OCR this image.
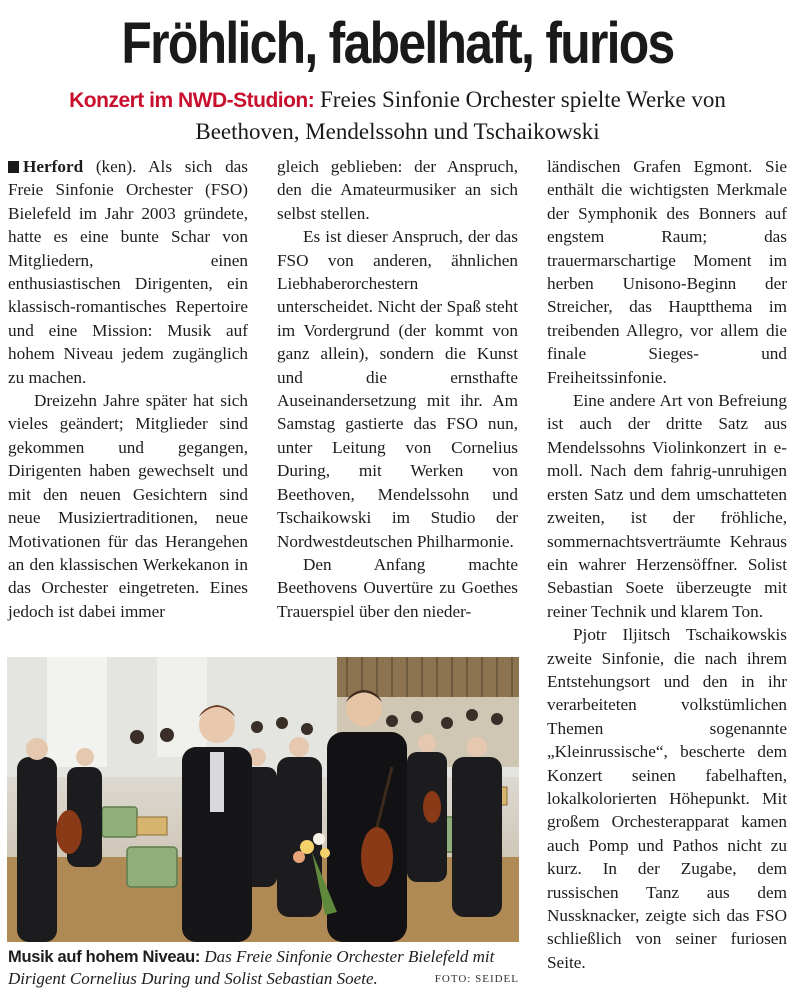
Fröhlich, fabelhaft, furios
Konzert im NWD-Studion: Freies Sinfonie Orchester spielte Werke von
Beethoven, Mendelssohn und Tschaikowski

Herford (ken). Als sich das Freie Sinfonie Orchester (FSO) Bielefeld im Jahr 2003 gründete, hatte es eine bunte Schar von Mitgliedern, einen enthusiastischen Dirigenten, ein klassisch-romantisches Repertoire und eine Mission: Musik auf hohem Niveau jedem zugänglich zu machen.

Dreizehn Jahre später hat sich vieles geändert; Mitglieder sind gekommen und gegangen, Dirigenten haben gewechselt und mit den neuen Gesichtern sind neue Musiziertraditionen, neue Motivationen für das Herangehen an den klassischen Werkekanon in das Orchester eingetreten. Eines jedoch ist dabei immer

gleich geblieben: der Anspruch, den die Amateurmusiker an sich selbst stellen.

Es ist dieser Anspruch, der das FSO von anderen, ähnlichen Liebhaberorchestern unterscheidet. Nicht der Spaß steht im Vordergrund (der kommt von ganz allein), sondern die Kunst und die ernsthafte Auseinandersetzung mit ihr. Am Samstag gastierte das FSO nun, unter Leitung von Cornelius During, mit Werken von Beethoven, Mendelssohn und Tschaikowski im Studio der Nordwestdeutschen Philharmonie.

Den Anfang machte Beethovens Ouvertüre zu Goethes Trauerspiel über den nieder-

ländischen Grafen Egmont. Sie enthält die wichtigsten Merkmale der Symphonik des Bonners auf engstem Raum; das trauermarschartige Moment im herben Unisono-Beginn der Streicher, das Hauptthema im treibenden Allegro, vor allem die finale Sieges- und Freiheitssinfonie.

Eine andere Art von Befreiung ist auch der dritte Satz aus Mendelssohns Violinkonzert in e-moll. Nach dem fahrig-unruhigen ersten Satz und dem umschatteten zweiten, ist der fröhliche, sommernachtsverträumte Kehraus ein wahrer Herzensöffner. Solist Sebastian Soete überzeugte mit reiner Technik und klarem Ton.

Pjotr Iljitsch Tschaikowskis zweite Sinfonie, die nach ihrem Entstehungsort und den in ihr verarbeiteten volkstümlichen Themen sogenannte „Kleinrussische“, bescherte dem Konzert seinen fabelhaften, lokalkolorierten Höhepunkt. Mit großem Orchesterapparat kamen auch Pomp und Pathos nicht zu kurz. In der Zugabe, dem russischen Tanz aus dem Nussknacker, zeigte sich das FSO schließlich von seiner furiosen Seite.

Musik auf hohem Niveau: Das Freie Sinfonie Orchester Bielefeld mit Dirigent Cornelius During und Solist Sebastian Soete.	FOTO: SEIDEL
